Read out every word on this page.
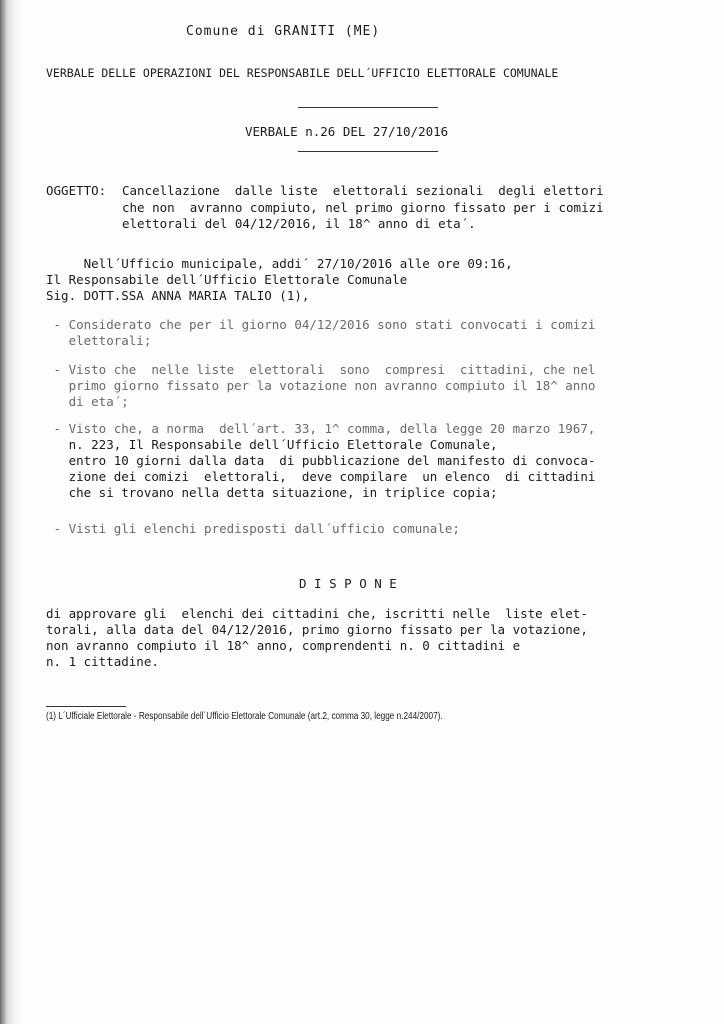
Comune di GRANITI (ME)
VERBALE DELLE OPERAZIONI DEL RESPONSABILE DELL´UFFICIO ELETTORALE COMUNALE
VERBALE n.26 DEL 27/10/2016
OGGETTO: Cancellazione  dalle liste  elettorali sezionali  degli elettori
che non  avranno compiuto, nel primo giorno fissato per i comizi
elettorali del 04/12/2016, il 18^ anno di eta´.
Nell´Ufficio municipale, addi´ 27/10/2016 alle ore 09:16,
Il Responsabile dell´Ufficio Elettorale Comunale
Sig. DOTT.SSA ANNA MARIA TALIO (1),
- Considerato che per il giorno 04/12/2016 sono stati convocati i comizi
elettorali;
- Visto che  nelle liste  elettorali  sono  compresi  cittadini, che nel
primo giorno fissato per la votazione non avranno compiuto il 18^ anno
di eta´;
- Visto che, a norma  dell´art. 33, 1^ comma, della legge 20 marzo 1967,
n. 223, Il Responsabile dell´Ufficio Elettorale Comunale,
entro 10 giorni dalla data  di pubblicazione del manifesto di convoca-
zione dei comizi  elettorali,  deve compilare  un elenco  di cittadini
che si trovano nella detta situazione, in triplice copia;
- Visti gli elenchi predisposti dall´ufficio comunale;
D I S P O N E
di approvare gli  elenchi dei cittadini che, iscritti nelle  liste elet-
torali, alla data del 04/12/2016, primo giorno fissato per la votazione,
non avranno compiuto il 18^ anno, comprendenti n. 0 cittadini e
n. 1 cittadine.
(1) L´Ufficiale Elettorale - Responsabile dell´Ufficio Elettorale Comunale (art.2, comma 30, legge n.244/2007).
